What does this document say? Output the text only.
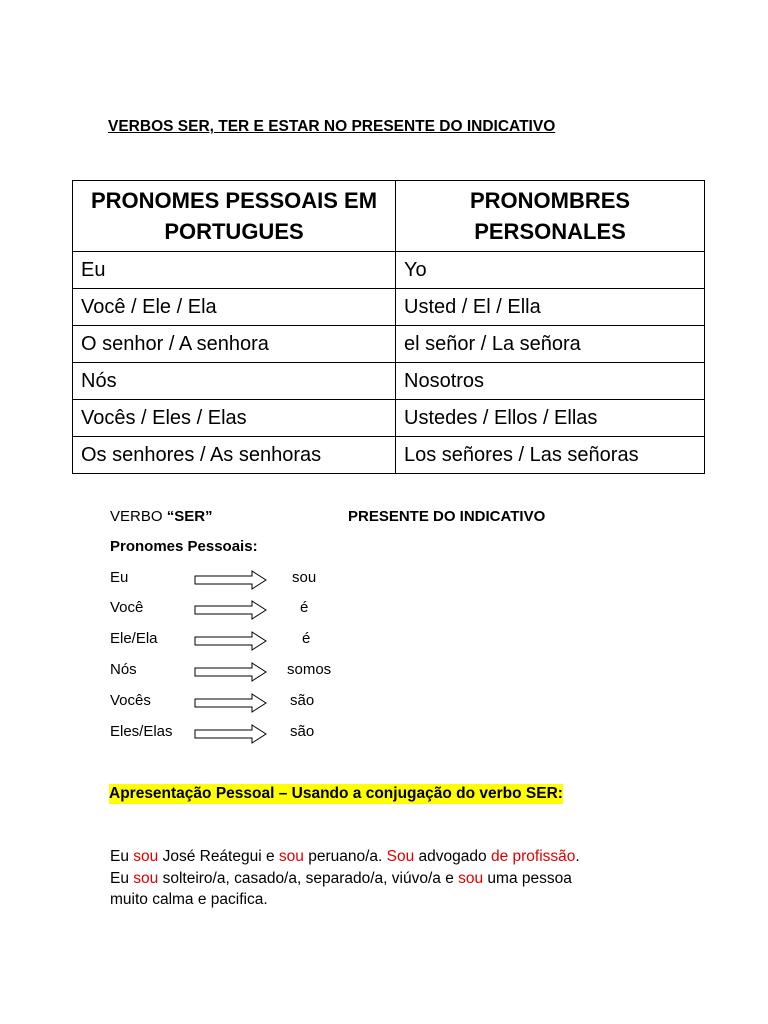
VERBOS SER, TER E ESTAR NO PRESENTE DO INDICATIVO
PRONOMES PESSOAIS EM PORTUGUES	PRONOMBRES PERSONALES
Eu	Yo
Você / Ele / Ela	Usted / El / Ella
O senhor / A senhora	el señor / La señora
Nós	Nosotros
Vocês / Eles / Elas	Ustedes / Ellos / Ellas
Os senhores / As senhoras	Los señores / Las señoras
VERBO “SER”	PRESENTE DO INDICATIVO
Pronomes Pessoais:
Eu	sou
Você	é
Ele/Ela	é
Nós	somos
Vocês	são
Eles/Elas	são
Apresentação Pessoal – Usando a conjugação do verbo SER:
Eu sou José Reátegui e sou peruano/a. Sou advogado de profissão.
Eu sou solteiro/a, casado/a, separado/a, viúvo/a e sou uma pessoa
muito calma e pacifica.
